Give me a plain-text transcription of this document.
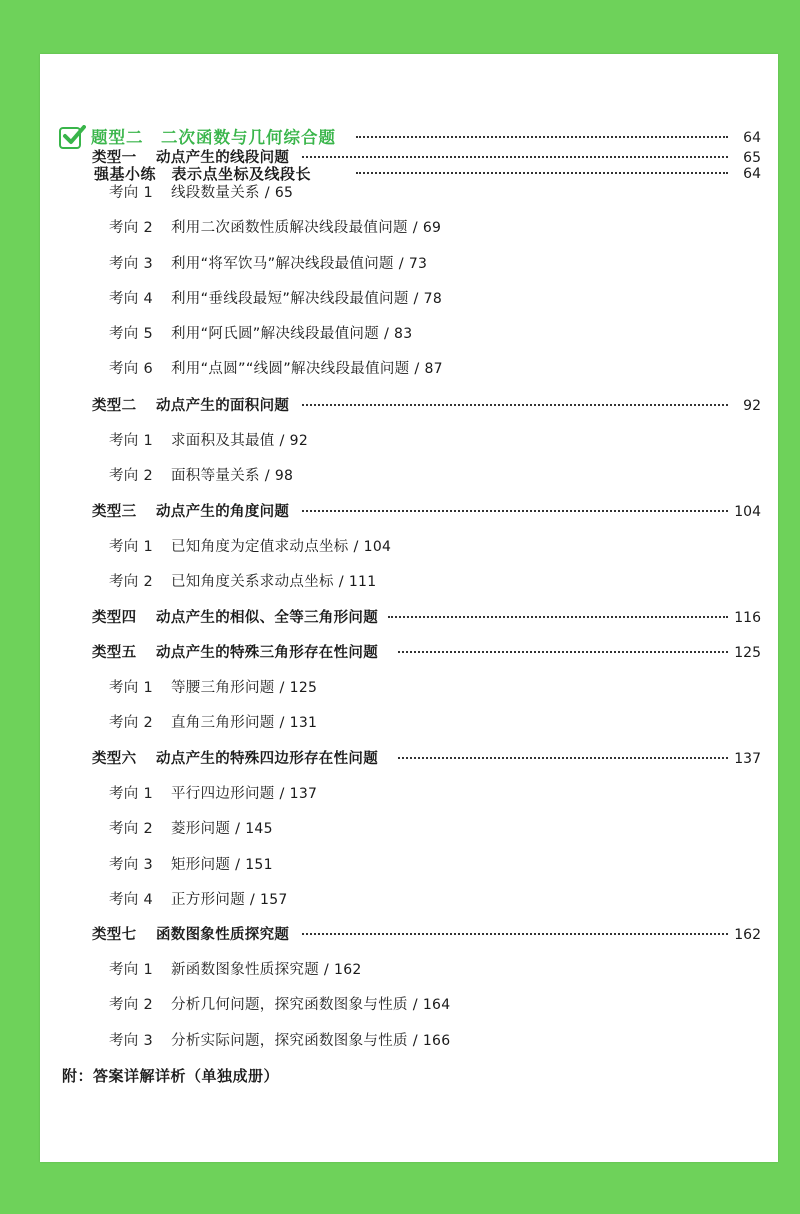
题型二　二次函数与几何综合题	64
强基小练　表示点坐标及线段长	64
类型一 动点产生的线段问题	65
考向 1 线段数量关系 / 65
考向 2 利用二次函数性质解决线段最值问题 / 69
考向 3 利用“将军饮马”解决线段最值问题 / 73
考向 4 利用“垂线段最短”解决线段最值问题 / 78
考向 5 利用“阿氏圆”解决线段最值问题 / 83
考向 6 利用“点圆”“线圆”解决线段最值问题 / 87
类型二 动点产生的面积问题	92
考向 1 求面积及其最值 / 92
考向 2 面积等量关系 / 98
类型三 动点产生的角度问题	104
考向 1 已知角度为定值求动点坐标 / 104
考向 2 已知角度关系求动点坐标 / 111
类型四 动点产生的相似、全等三角形问题	116
类型五 动点产生的特殊三角形存在性问题	125
考向 1 等腰三角形问题 / 125
考向 2 直角三角形问题 / 131
类型六 动点产生的特殊四边形存在性问题	137
考向 1 平行四边形问题 / 137
考向 2 菱形问题 / 145
考向 3 矩形问题 / 151
考向 4 正方形问题 / 157
类型七 函数图象性质探究题	162
考向 1 新函数图象性质探究题 / 162
考向 2 分析几何问题，探究函数图象与性质 / 164
考向 3 分析实际问题，探究函数图象与性质 / 166
附：答案详解详析（单独成册）
